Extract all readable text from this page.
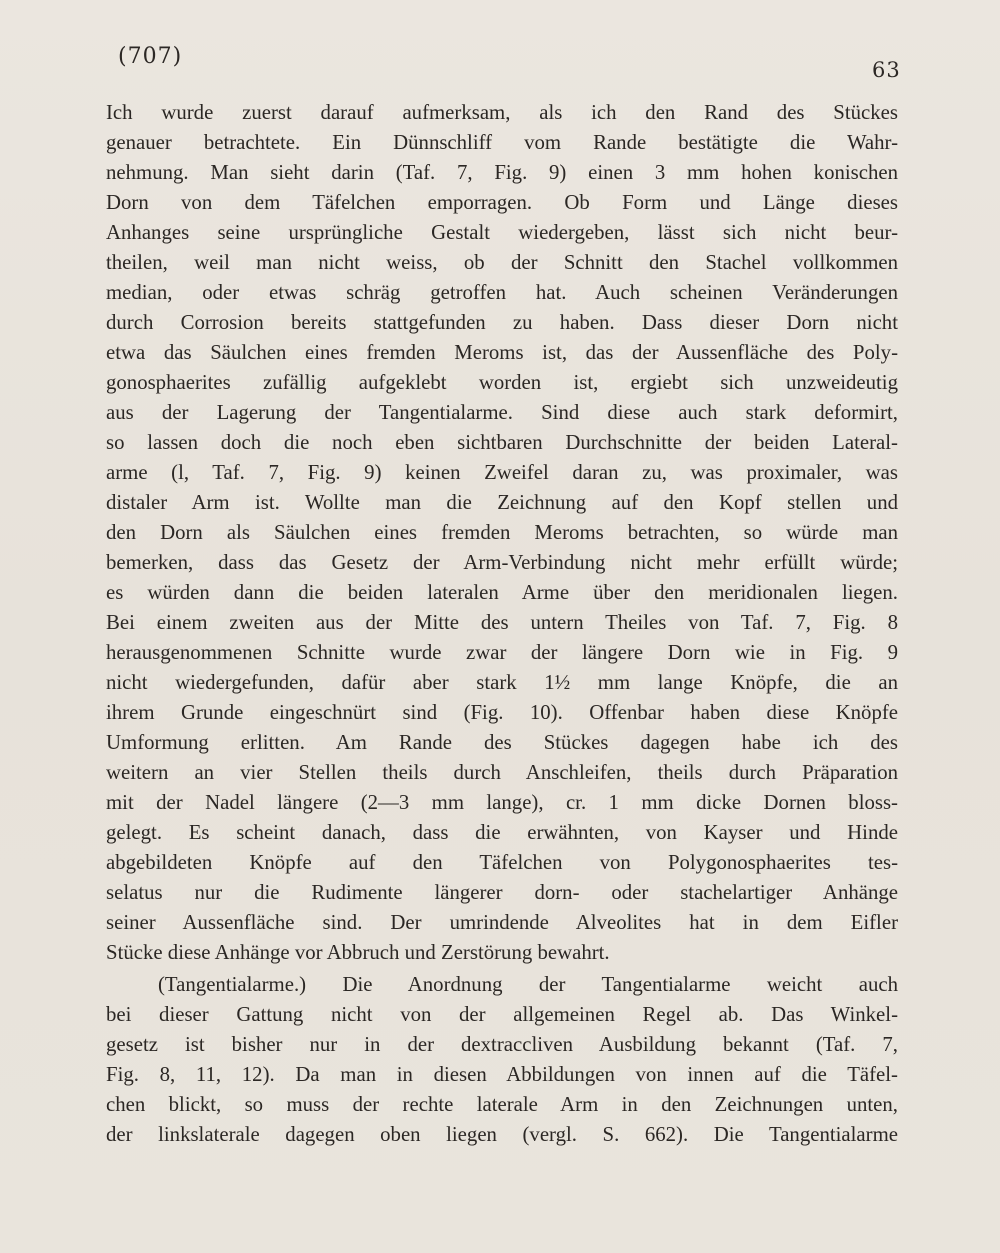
(707)
63
Ich wurde zuerst darauf aufmerksam, als ich den Rand des Stückes
genauer betrachtete. Ein Dünnschliff vom Rande bestätigte die Wahr-
nehmung. Man sieht darin (Taf. 7, Fig. 9) einen 3 mm hohen konischen
Dorn von dem Täfelchen emporragen. Ob Form und Länge dieses
Anhanges seine ursprüngliche Gestalt wiedergeben, lässt sich nicht beur-
theilen, weil man nicht weiss, ob der Schnitt den Stachel vollkommen
median, oder etwas schräg getroffen hat. Auch scheinen Veränderungen
durch Corrosion bereits stattgefunden zu haben. Dass dieser Dorn nicht
etwa das Säulchen eines fremden Meroms ist, das der Aussenfläche des Poly-
gonosphaerites zufällig aufgeklebt worden ist, ergiebt sich unzweideutig
aus der Lagerung der Tangentialarme. Sind diese auch stark deformirt,
so lassen doch die noch eben sichtbaren Durchschnitte der beiden Lateral-
arme (l, Taf. 7, Fig. 9) keinen Zweifel daran zu, was proximaler, was
distaler Arm ist. Wollte man die Zeichnung auf den Kopf stellen und
den Dorn als Säulchen eines fremden Meroms betrachten, so würde man
bemerken, dass das Gesetz der Arm-Verbindung nicht mehr erfüllt würde;
es würden dann die beiden lateralen Arme über den meridionalen liegen.
Bei einem zweiten aus der Mitte des untern Theiles von Taf. 7, Fig. 8
herausgenommenen Schnitte wurde zwar der längere Dorn wie in Fig. 9
nicht wiedergefunden, dafür aber stark 1½ mm lange Knöpfe, die an
ihrem Grunde eingeschnürt sind (Fig. 10). Offenbar haben diese Knöpfe
Umformung erlitten. Am Rande des Stückes dagegen habe ich des
weitern an vier Stellen theils durch Anschleifen, theils durch Präparation
mit der Nadel längere (2—3 mm lange), cr. 1 mm dicke Dornen bloss-
gelegt. Es scheint danach, dass die erwähnten, von Kayser und Hinde
abgebildeten Knöpfe auf den Täfelchen von Polygonosphaerites tes-
selatus nur die Rudimente längerer dorn- oder stachelartiger Anhänge
seiner Aussenfläche sind. Der umrindende Alveolites hat in dem Eifler
Stücke diese Anhänge vor Abbruch und Zerstörung bewahrt.
(Tangentialarme.) Die Anordnung der Tangentialarme weicht auch
bei dieser Gattung nicht von der allgemeinen Regel ab. Das Winkel-
gesetz ist bisher nur in der dextraccliven Ausbildung bekannt (Taf. 7,
Fig. 8, 11, 12). Da man in diesen Abbildungen von innen auf die Täfel-
chen blickt, so muss der rechte laterale Arm in den Zeichnungen unten,
der linkslaterale dagegen oben liegen (vergl. S. 662). Die Tangentialarme
